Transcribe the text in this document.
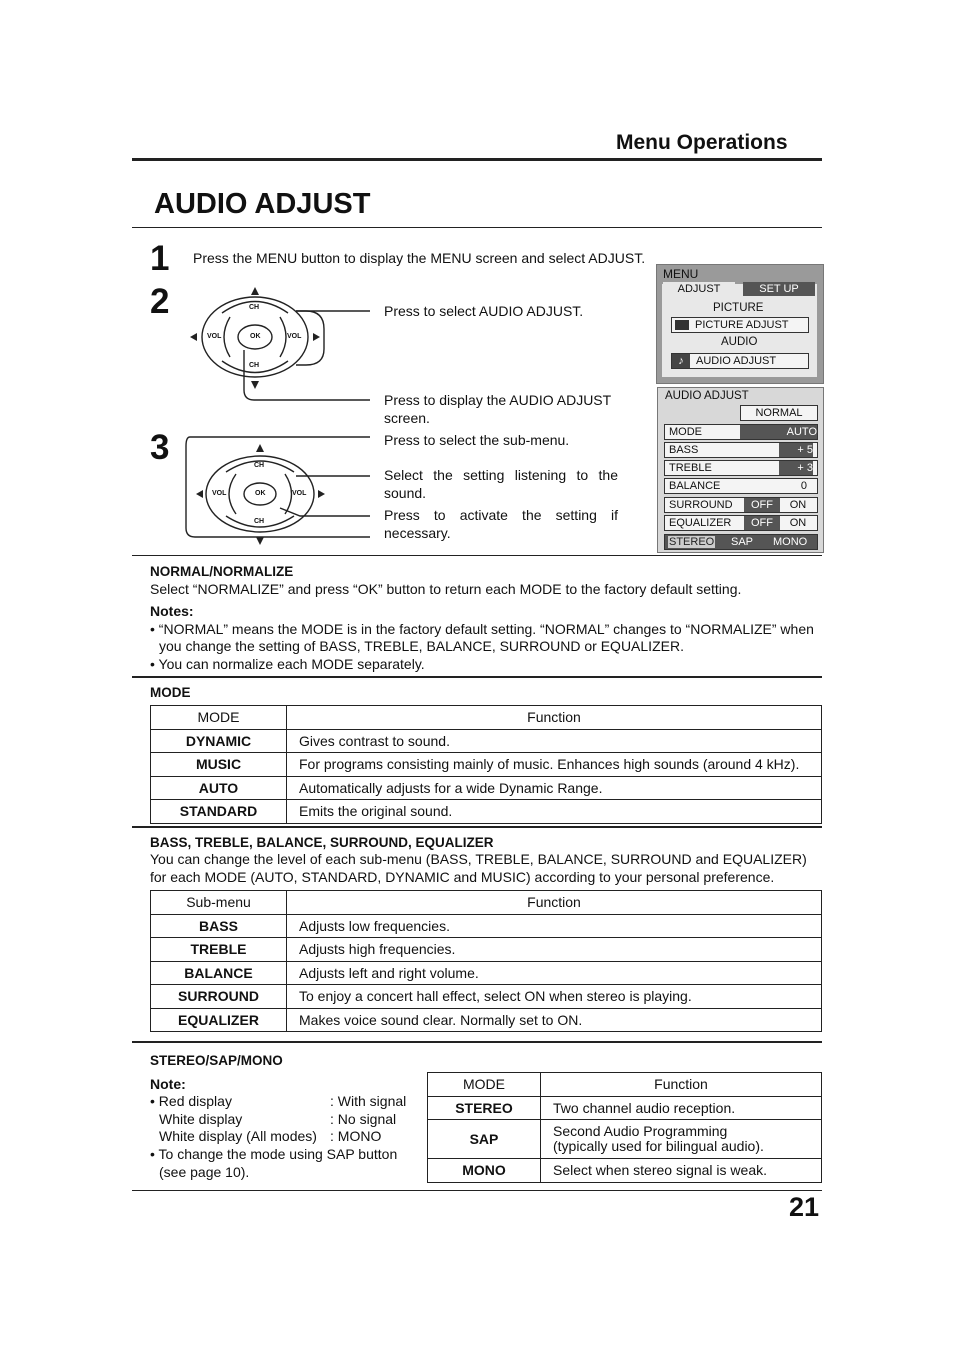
Menu Operations
AUDIO ADJUST
1
2
3
Press the MENU button to display the MENU screen and select ADJUST.
CH
CH
VOL	VOL
OK
CH
CH
VOL	VOL
OK
Press to select AUDIO ADJUST.
Press to display the AUDIO ADJUST screen.
Press to select the sub-menu.
Select the setting listening to the
sound.
Press to activate the setting if
necessary.
MENU
ADJUST	SET UP
PICTURE
PICTURE ADJUST
AUDIO
♪ AUDIO ADJUST
AUDIO ADJUST
NORMAL
MODE	AUTO
BASS	+ 5
TREBLE	+ 3
BALANCE	0
SURROUND	OFF	ON
EQUALIZER	OFF	ON
STEREO SAP MONO
NORMAL/NORMALIZE
Select “NORMALIZE” and press “OK” button to return each MODE to the factory default setting.
Notes:
• “NORMAL” means the MODE is in the factory default setting. “NORMAL” changes to “NORMALIZE” when
you change the setting of BASS, TREBLE, BALANCE, SURROUND or EQUALIZER.
• You can normalize each MODE separately.
MODE
MODE	Function
DYNAMIC	Gives contrast to sound.
MUSIC	For programs consisting mainly of music. Enhances high sounds (around 4 kHz).
AUTO	Automatically adjusts for a wide Dynamic Range.
STANDARD	Emits the original sound.
BASS, TREBLE, BALANCE, SURROUND, EQUALIZER
You can change the level of each sub-menu (BASS, TREBLE, BALANCE, SURROUND and EQUALIZER)
for each MODE (AUTO, STANDARD, DYNAMIC and MUSIC) according to your personal preference.
Sub-menu	Function
BASS	Adjusts low frequencies.
TREBLE	Adjusts high frequencies.
BALANCE	Adjusts left and right volume.
SURROUND	To enjoy a concert hall effect, select ON when stereo is playing.
EQUALIZER	Makes voice sound clear. Normally set to ON.
STEREO/SAP/MONO
Note:
• Red display	: With signal
White display	: No signal
White display (All modes) : MONO
• To change the mode using SAP button
(see page 10).
MODE	Function
STEREO	Two channel audio reception.
SAP	Second Audio Programming
(typically used for bilingual audio).

MONO	Select when stereo signal is weak.
21
